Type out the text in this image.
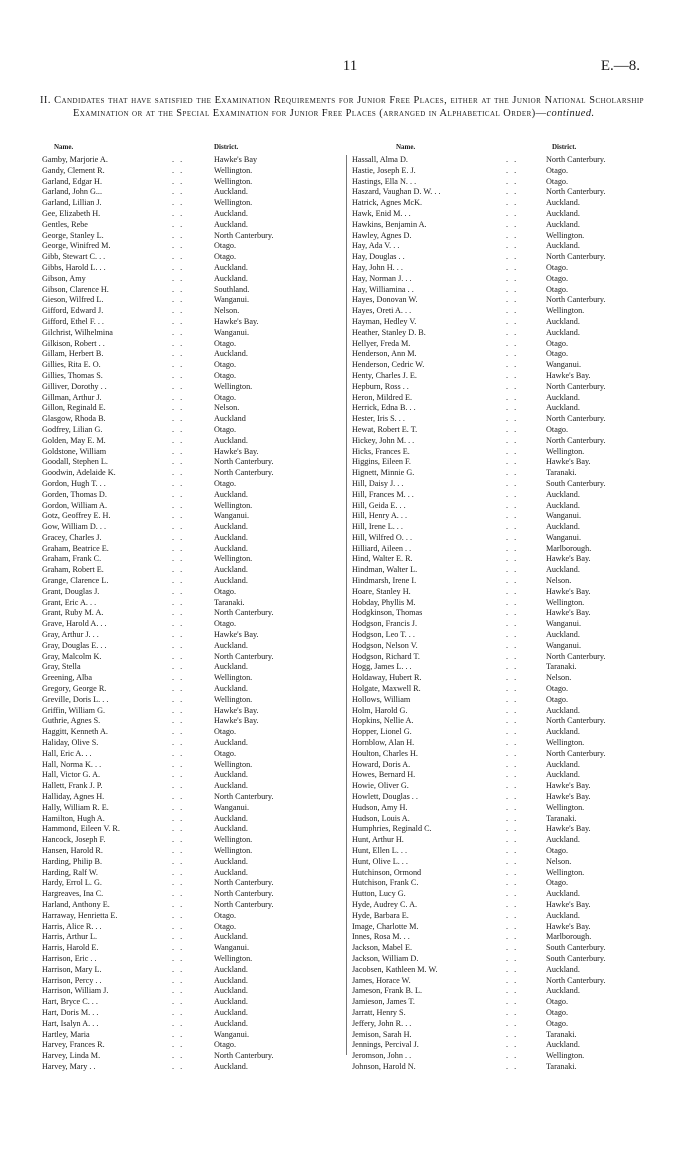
11	E.—8.
II. Candidates that have satisfied the Examination Requirements for Junior Free Places, either at the Junior National Scholarship Examination or at the Special Examination for Junior Free Places (arranged in Alphabetical Order)—continued.
Name.	District.
Gamby, Marjorie A.	. .	Hawke's Bay
Gandy, Clement R.	. .	Wellington.
Garland, Edgar H.	. .	Wellington.
Garland, John G...	. .	Auckland.
Garland, Lillian J.	. .	Wellington.
Gee, Elizabeth H.	. .	Auckland.
Gentles, Rebe	. .	Auckland.
George, Stanley L.	. .	North Canterbury.
George, Winifred M.	. .	Otago.
Gibb, Stewart C. . .	. .	Otago.
Gibbs, Harold L. . .	. .	Auckland.
Gibson, Amy	. .	Auckland.
Gibson, Clarence H.	. .	Southland.
Gieson, Wilfred L.	. .	Wanganui.
Gifford, Edward J.	. .	Nelson.
Gifford, Ethel F. . .	. .	Hawke's Bay.
Gilchrist, Wilhelmina	. .	Wanganui.
Gilkison, Robert . .	. .	Otago.
Gillam, Herbert B.	. .	Auckland.
Gillies, Rita E. O.	. .	Otago.
Gillies, Thomas S.	. .	Otago.
Gilliver, Dorothy . .	. .	Wellington.
Gillman, Arthur J.	. .	Otago.
Gillon, Reginald E.	. .	Nelson.
Glasgow, Rhoda B.	. .	Auckland
Godfrey, Lilian G.	. .	Otago.
Golden, May E. M.	. .	Auckland.
Goldstone, William	. .	Hawke's Bay.
Goodall, Stephen L.	. .	North Canterbury.
Goodwin, Adelaide K.	. .	North Canterbury.
Gordon, Hugh T. . .	. .	Otago.
Gorden, Thomas D.	. .	Auckland.
Gordon, William A.	. .	Wellington.
Gotz, Geoffrey E. H.	. .	Wanganui.
Gow, William D. . .	. .	Auckland.
Gracey, Charles J.	. .	Auckland.
Graham, Beatrice E.	. .	Auckland.
Graham, Frank C.	. .	Wellington.
Graham, Robert E.	. .	Auckland.
Grange, Clarence L.	. .	Auckland.
Grant, Douglas J.	. .	Otago.
Grant, Eric A. . .	. .	Taranaki.
Grant, Ruby M. A.	. .	North Canterbury.
Grave, Harold A. . .	. .	Otago.
Gray, Arthur J. . .	. .	Hawke's Bay.
Gray, Douglas E. . .	. .	Auckland.
Gray, Malcolm K.	. .	North Canterbury.
Gray, Stella	. .	Auckland.
Greening, Alba	. .	Wellington.
Gregory, George R.	. .	Auckland.
Greville, Doris L. . .	. .	Wellington.
Griffin, William G.	. .	Hawke's Bay.
Guthrie, Agnes S.	. .	Hawke's Bay.
Haggitt, Kenneth A.	. .	Otago.
Haliday, Olive S.	. .	Auckland.
Hall, Eric A. . .	. .	Otago.
Hall, Norma K. . .	. .	Wellington.
Hall, Victor G. A.	. .	Auckland.
Hallett, Frank J. P.	. .	Auckland.
Halliday, Agnes H.	. .	North Canterbury.
Hally, William R. E.	. .	Wanganui.
Hamilton, Hugh A.	. .	Auckland.
Hammond, Eileen V. R.	. .	Auckland.
Hancock, Joseph F.	. .	Wellington.
Hansen, Harold R.	. .	Wellington.
Harding, Philip B.	. .	Auckland.
Harding, Ralf W.	. .	Auckland.
Hardy, Errol L. G.	. .	North Canterbury.
Hargreaves, Ina C.	. .	North Canterbury.
Harland, Anthony E.	. .	North Canterbury.
Harraway, Henrietta E.	. .	Otago.
Harris, Alice R. . .	. .	Otago.
Harris, Arthur L.	. .	Auckland.
Harris, Harold E.	. .	Wanganui.
Harrison, Eric . .	. .	Wellington.
Harrison, Mary L.	. .	Auckland.
Harrison, Percy . .	. .	Auckland.
Harrison, William J.	. .	Auckland.
Hart, Bryce C. . .	. .	Auckland.
Hart, Doris M. . .	. .	Auckland.
Hart, Isalyn A. . .	. .	Auckland.
Hartley, Maria	. .	Wanganui.
Harvey, Frances R.	. .	Otago.
Harvey, Linda M.	. .	North Canterbury.
Harvey, Mary . .	. .	Auckland.
Name.	District.
Hassall, Alma D.	. .	North Canterbury.
Hastie, Joseph E. J.	. .	Otago.
Hastings, Ella N. . .	. .	Otago.
Haszard, Vaughan D. W. . .	. .	North Canterbury.
Hatrick, Agnes McK.	. .	Auckland.
Hawk, Enid M. . .	. .	Auckland.
Hawkins, Benjamin A.	. .	Auckland.
Hawley, Agnes D.	. .	Wellington.
Hay, Ada V. . .	. .	Auckland.
Hay, Douglas . .	. .	North Canterbury.
Hay, John H. . .	. .	Otago.
Hay, Norman J. . .	. .	Otago.
Hay, Williamina . .	. .	Otago.
Hayes, Donovan W.	. .	North Canterbury.
Hayes, Oreti A. . .	. .	Wellington.
Hayman, Hedley V.	. .	Auckland.
Heather, Stanley D. B.	. .	Auckland.
Hellyer, Freda M.	. .	Otago.
Henderson, Ann M.	. .	Otago.
Henderson, Cedric W.	. .	Wanganui.
Henty, Charles J. E.	. .	Hawke's Bay.
Hepburn, Ross . .	. .	North Canterbury.
Heron, Mildred E.	. .	Auckland.
Herrick, Edna B. . .	. .	Auckland.
Hester, Iris S. . .	. .	North Canterbury.
Hewat, Robert E. T.	. .	Otago.
Hickey, John M. . .	. .	North Canterbury.
Hicks, Frances E.	. .	Wellington.
Higgins, Eileen F.	. .	Hawke's Bay.
Hignett, Minnie G.	. .	Taranaki.
Hill, Daisy J. . .	. .	South Canterbury.
Hill, Frances M. . .	. .	Auckland.
Hill, Geida E. . .	. .	Auckland.
Hill, Henry A. . .	. .	Wanganui.
Hill, Irene L. . .	. .	Auckland.
Hill, Wilfred O. . .	. .	Wanganui.
Hilliard, Aileen . .	. .	Marlborough.
Hind, Walter E. R.	. .	Hawke's Bay.
Hindman, Walter L.	. .	Auckland.
Hindmarsh, Irene I.	. .	Nelson.
Hoare, Stanley H.	. .	Hawke's Bay.
Hobday, Phyllis M.	. .	Wellington.
Hodgkinson, Thomas	. .	Hawke's Bay.
Hodgson, Francis J.	. .	Wanganui.
Hodgson, Leo T. . .	. .	Auckland.
Hodgson, Nelson V.	. .	Wanganui.
Hodgson, Richard T.	. .	North Canterbury.
Hogg, James L. . .	. .	Taranaki.
Holdaway, Hubert R.	. .	Nelson.
Holgate, Maxwell R.	. .	Otago.
Hollows, William	. .	Otago.
Holm, Harold G.	. .	Auckland.
Hopkins, Nellie A.	. .	North Canterbury.
Hopper, Lionel G.	. .	Auckland.
Hornblow, Alan H.	. .	Wellington.
Houlton, Charles H.	. .	North Canterbury.
Howard, Doris A.	. .	Auckland.
Howes, Bernard H.	. .	Auckland.
Howie, Oliver G.	. .	Hawke's Bay.
Howlett, Douglas . .	. .	Hawke's Bay.
Hudson, Amy H.	. .	Wellington.
Hudson, Louis A.	. .	Taranaki.
Humphries, Reginald C.	. .	Hawke's Bay.
Hunt, Arthur H.	. .	Auckland.
Hunt, Ellen L. . .	. .	Otago.
Hunt, Olive L. . .	. .	Nelson.
Hutchinson, Ormond	. .	Wellington.
Hutchison, Frank C.	. .	Otago.
Hutton, Lucy G.	. .	Auckland.
Hyde, Audrey C. A.	. .	Hawke's Bay.
Hyde, Barbara E.	. .	Auckland.
Image, Charlotte M.	. .	Hawke's Bay.
Innes, Rosa M. . .	. .	Marlborough.
Jackson, Mabel E.	. .	South Canterbury.
Jackson, William D.	. .	South Canterbury.
Jacobsen, Kathleen M. W.	. .	Auckland.
James, Horace W.	. .	North Canterbury.
Jameson, Frank B. L.	. .	Auckland.
Jamieson, James T.	. .	Otago.
Jarratt, Henry S.	. .	Otago.
Jeffery, John R. . .	. .	Otago.
Jemison, Sarah H.	. .	Taranaki.
Jennings, Percival J.	. .	Auckland.
Jeromson, John . .	. .	Wellington.
Johnson, Harold N.	. .	Taranaki.
